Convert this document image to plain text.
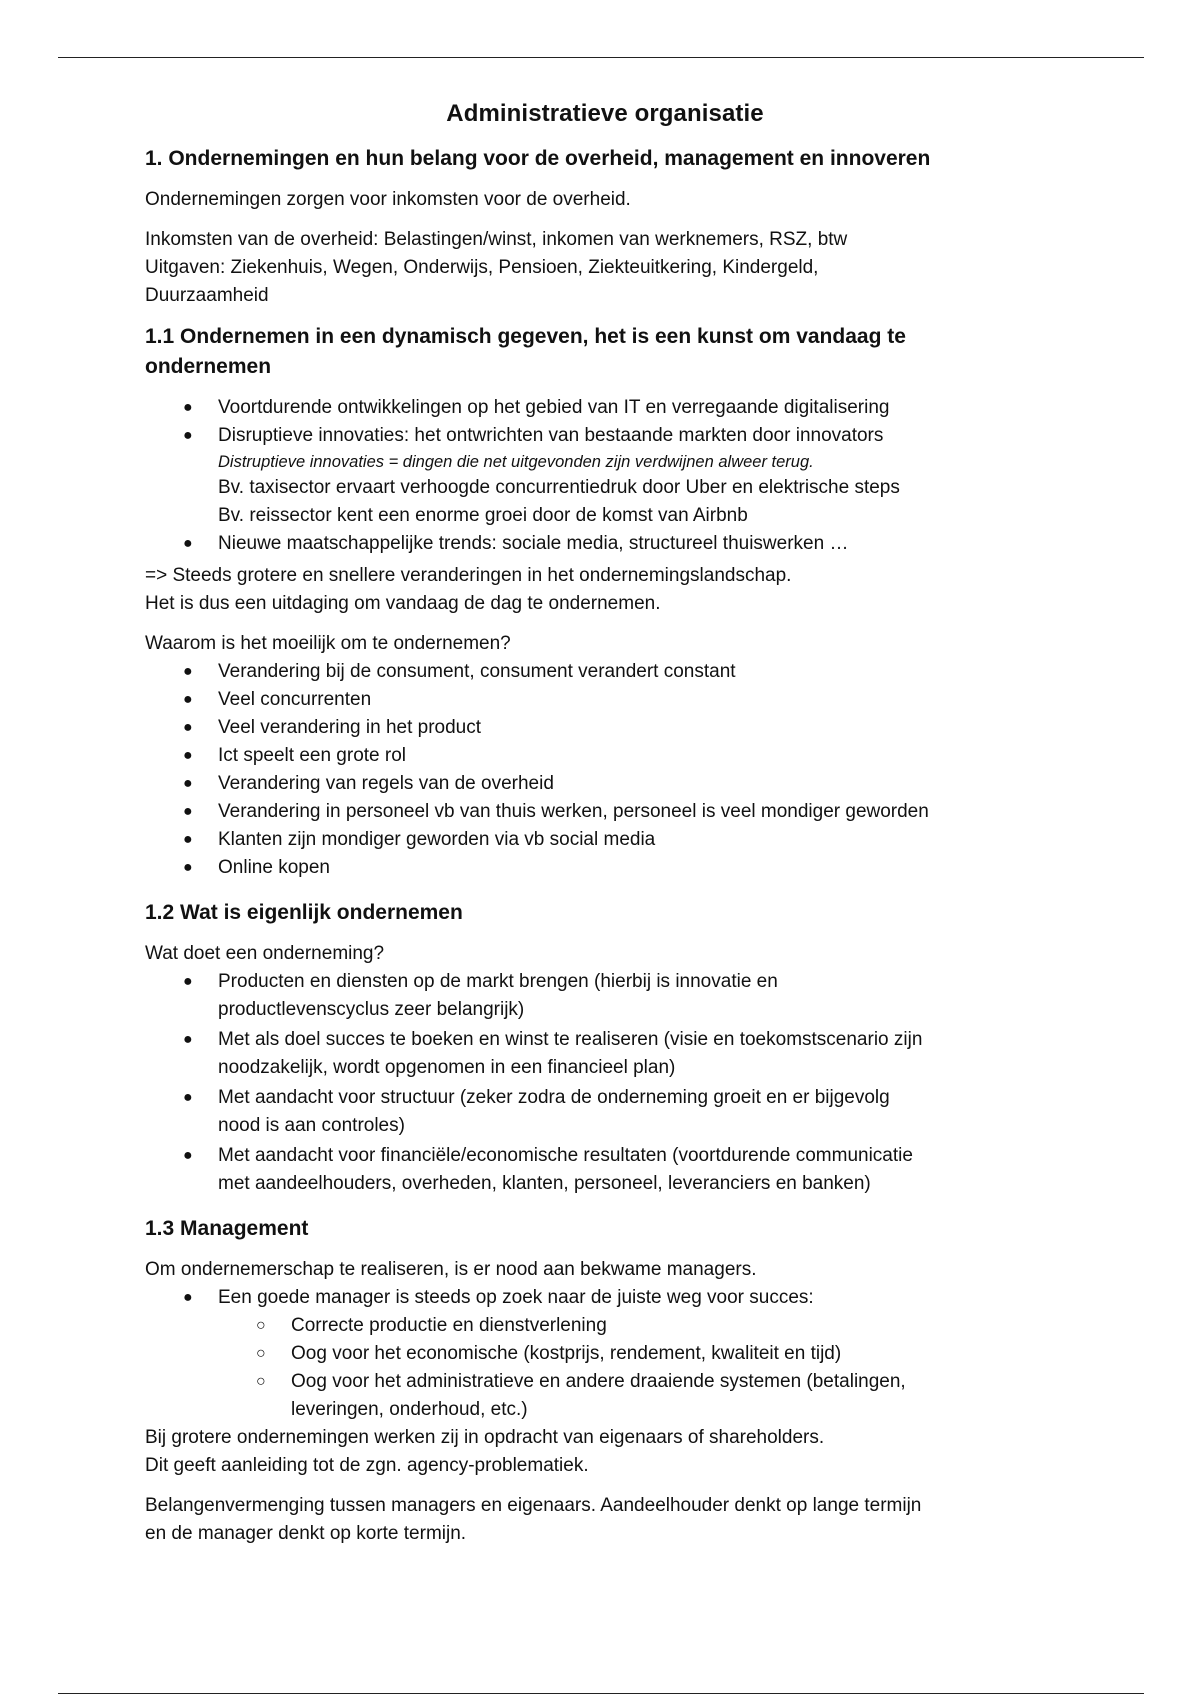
Administratieve organisatie
1. Ondernemingen en hun belang voor de overheid, management en innoveren

Ondernemingen zorgen voor inkomsten voor de overheid.

Inkomsten van de overheid: Belastingen/winst, inkomen van werknemers, RSZ, btw
Uitgaven: Ziekenhuis, Wegen, Onderwijs, Pensioen, Ziekteuitkering, Kindergeld,
Duurzaamheid

1.1 Ondernemen in een dynamisch gegeven, het is een kunst om vandaag te
ondernemen
● Voortdurende ontwikkelingen op het gebied van IT en verregaande digitalisering
● Disruptieve innovaties: het ontwrichten van bestaande markten door innovators
Distruptieve innovaties = dingen die net uitgevonden zijn verdwijnen alweer terug.
Bv. taxisector ervaart verhoogde concurrentiedruk door Uber en elektrische steps
Bv. reissector kent een enorme groei door de komst van Airbnb
● Nieuwe maatschappelijke trends: sociale media, structureel thuiswerken …

=> Steeds grotere en snellere veranderingen in het ondernemingslandschap.
Het is dus een uitdaging om vandaag de dag te ondernemen.

Waarom is het moeilijk om te ondernemen?

● Verandering bij de consument, consument verandert constant
● Veel concurrenten
● Veel verandering in het product
● Ict speelt een grote rol
● Verandering van regels van de overheid
● Verandering in personeel vb van thuis werken, personeel is veel mondiger geworden
● Klanten zijn mondiger geworden via vb social media
● Online kopen
1.2 Wat is eigenlijk ondernemen

Wat doet een onderneming?

● Producten en diensten op de markt brengen (hierbij is innovatie en
productlevenscyclus zeer belangrijk)
● Met als doel succes te boeken en winst te realiseren (visie en toekomstscenario zijn
noodzakelijk, wordt opgenomen in een financieel plan)
● Met aandacht voor structuur (zeker zodra de onderneming groeit en er bijgevolg
nood is aan controles)
● Met aandacht voor financiële/economische resultaten (voortdurende communicatie
met aandeelhouders, overheden, klanten, personeel, leveranciers en banken)
1.3 Management

Om ondernemerschap te realiseren, is er nood aan bekwame managers.

● Een goede manager is steeds op zoek naar de juiste weg voor succes:
○ Correcte productie en dienstverlening
○ Oog voor het economische (kostprijs, rendement, kwaliteit en tijd)
○ Oog voor het administratieve en andere draaiende systemen (betalingen,
leveringen, onderhoud, etc.)

Bij grotere ondernemingen werken zij in opdracht van eigenaars of shareholders.
Dit geeft aanleiding tot de zgn. agency-problematiek.

Belangenvermenging tussen managers en eigenaars. Aandeelhouder denkt op lange termijn
en de manager denkt op korte termijn.
